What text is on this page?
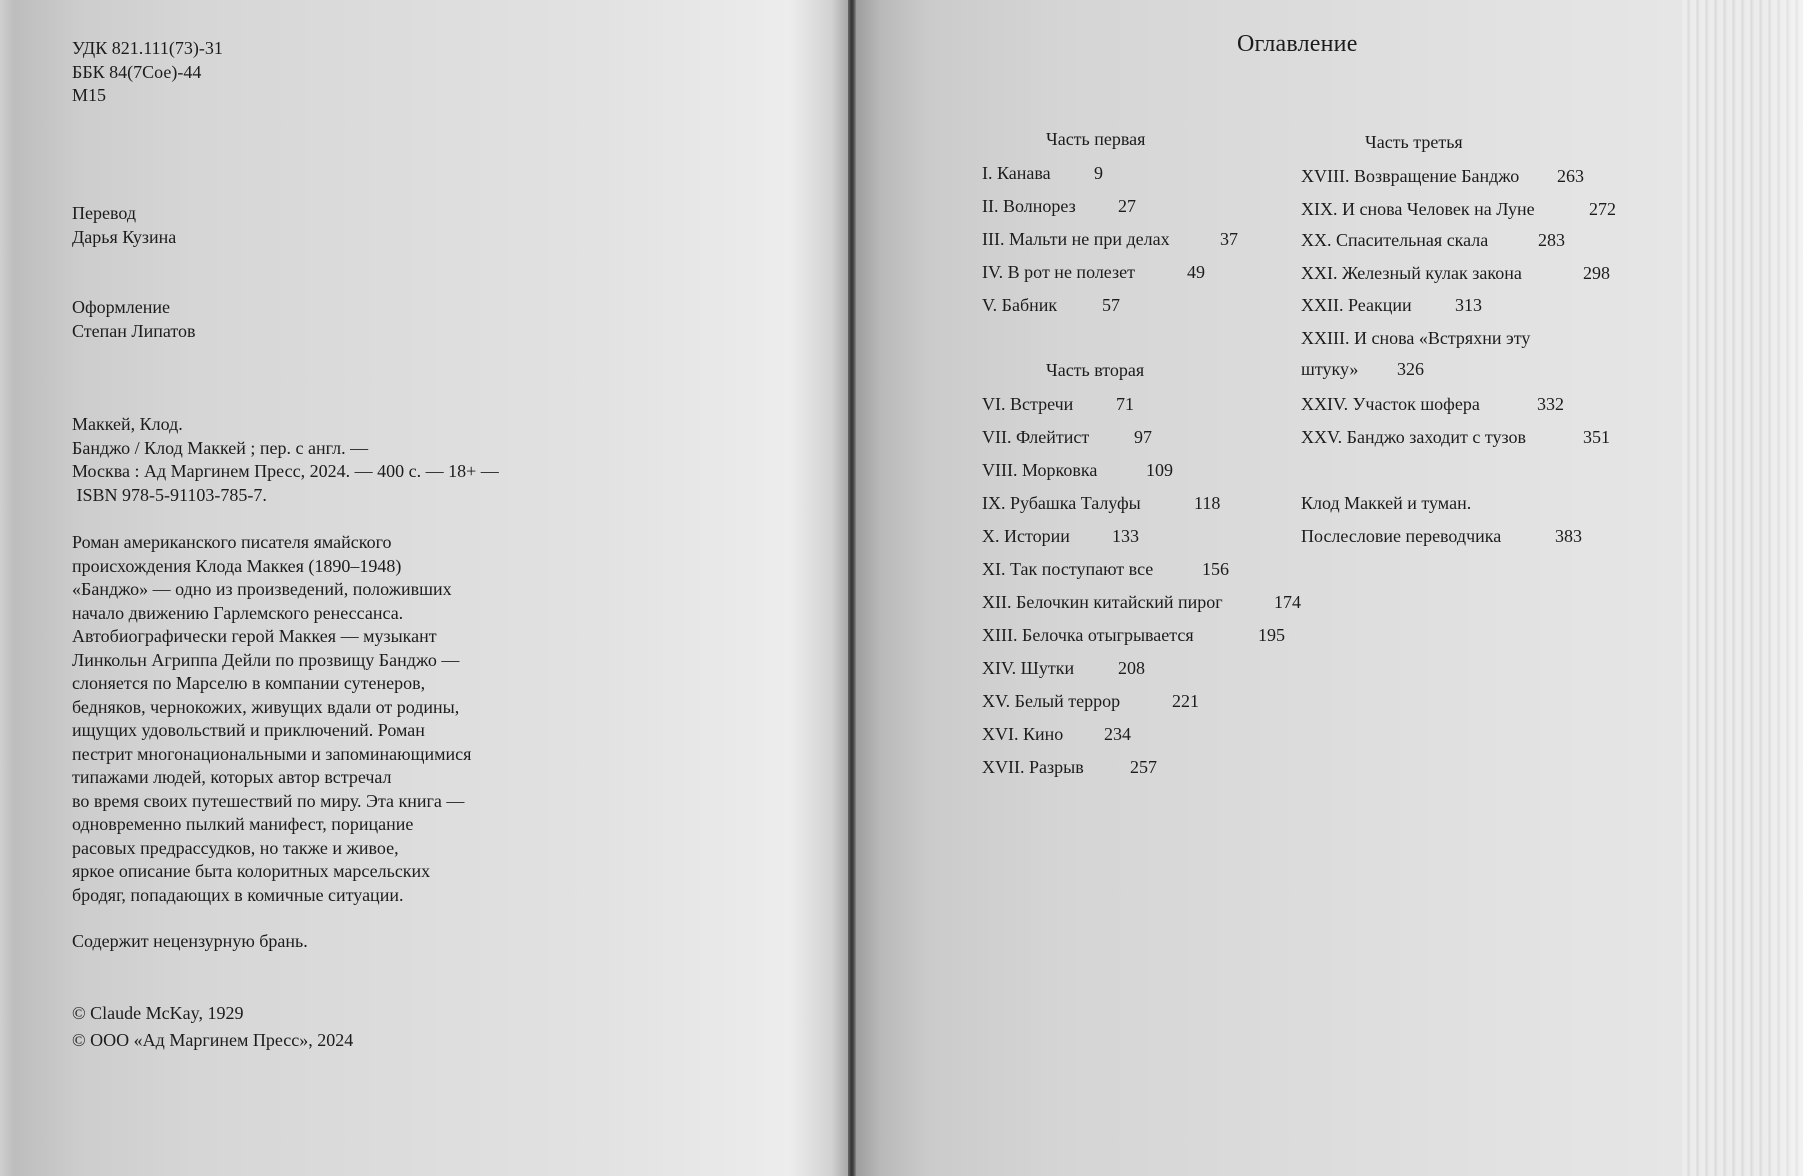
УДК 821.111(73)-31
ББК 84(7Сое)-44
М15
Перевод
Дарья Кузина
Оформление
Степан Липатов
Маккей, Клод.
Банджо / Клод Маккей ; пер. с англ. —
Москва : Ад Маргинем Пресс, 2024. — 400 с. — 18+ —
ISBN 978-5-91103-785-7.
Роман американского писателя ямайского
происхождения Клода Маккея (1890–1948)
«Банджо» — одно из произведений, положивших
начало движению Гарлемского ренессанса.
Автобиографически герой Маккея — музыкант
Линкольн Агриппа Дейли по прозвищу Банджо —
слоняется по Марселю в компании сутенеров,
бедняков, чернокожих, живущих вдали от родины,
ищущих удовольствий и приключений. Роман
пестрит многонациональными и запоминающимися
типажами людей, которых автор встречал
во время своих путешествий по миру. Эта книга —
одновременно пылкий манифест, порицание
расовых предрассудков, но также и живое,
яркое описание быта колоритных марсельских
бродяг, попадающих в комичные ситуации.
Содержит нецензурную брань.
© Claude McKay, 1929
© ООО «Ад Маргинем Пресс», 2024
Оглавление
Часть первая
I. Канава 9
II. Волнорез 27
III. Мальти не при делах	37
IV. В рот не полезет	49
V. Бабник 57
Часть вторая
VI. Встречи 71
VII. Флейтист 97
VIII. Морковка	109
IX. Рубашка Талуфы	118
X. Истории 133
XI. Так поступают все	156
XII. Белочкин китайский пирог	174
XIII. Белочка отыгрывается	195
XIV. Шутки 208
XV. Белый террор	221
XVI. Кино 234
XVII. Разрыв	257
Часть третья
XVIII. Возвращение Банджо 263
XIX. И снова Человек на Луне	272
XX. Спасительная скала	283
XXI. Железный кулак закона	298
XXII. Реакции 313
XXIII. И снова «Встряхни эту
штуку» 326
XXIV. Участок шофера	332
XXV. Банджо заходит с тузов	351
Клод Маккей и туман.
Послесловие переводчика	383
